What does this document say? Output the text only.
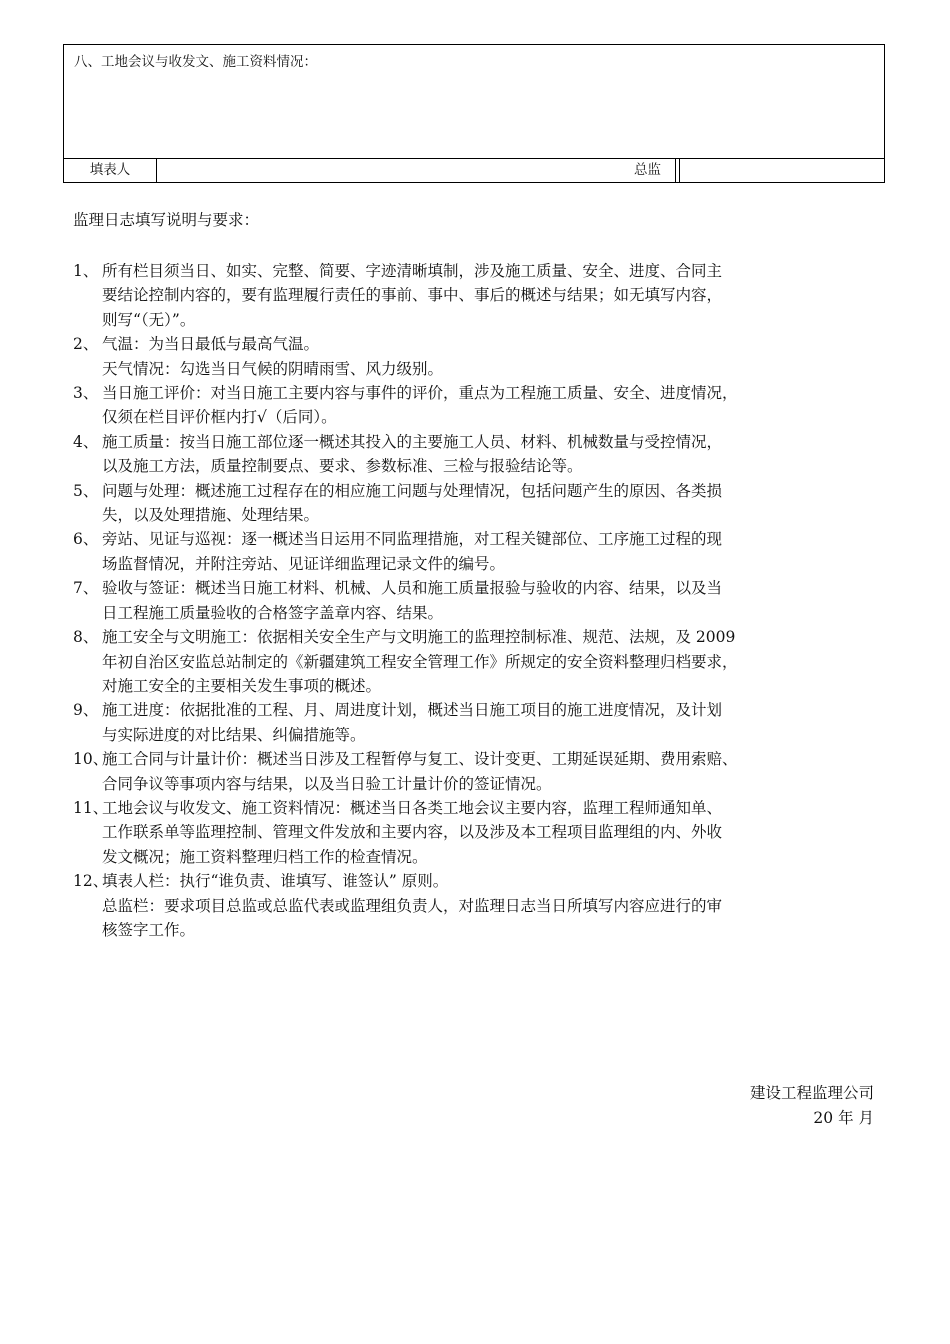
八、工地会议与收发文、施工资料情况：
填表人	总监
监理日志填写说明与要求：
1、 所有栏目须当日、如实、完整、简要、字迹清晰填制，涉及施工质量、安全、进度、合同主
要结论控制内容的，要有监理履行责任的事前、事中、事后的概述与结果；如无填写内容，
则写“（无）”。
2、 气温：为当日最低与最高气温。
天气情况：勾选当日气候的阴晴雨雪、风力级别。
3、 当日施工评价：对当日施工主要内容与事件的评价，重点为工程施工质量、安全、进度情况，
仅须在栏目评价框内打√（后同）。
4、 施工质量：按当日施工部位逐一概述其投入的主要施工人员、材料、机械数量与受控情况，
以及施工方法，质量控制要点、要求、参数标准、三检与报验结论等。
5、 问题与处理：概述施工过程存在的相应施工问题与处理情况，包括问题产生的原因、各类损
失，以及处理措施、处理结果。
6、 旁站、见证与巡视：逐一概述当日运用不同监理措施，对工程关键部位、工序施工过程的现
场监督情况，并附注旁站、见证详细监理记录文件的编号。
7、 验收与签证：概述当日施工材料、机械、人员和施工质量报验与验收的内容、结果，以及当
日工程施工质量验收的合格签字盖章内容、结果。
8、 施工安全与文明施工：依据相关安全生产与文明施工的监理控制标准、规范、法规，及 2009
年初自治区安监总站制定的《新疆建筑工程安全管理工作》所规定的安全资料整理归档要求，
对施工安全的主要相关发生事项的概述。
9、 施工进度：依据批准的工程、月、周进度计划，概述当日施工项目的施工进度情况，及计划
与实际进度的对比结果、纠偏措施等。
10、
施工合同与计量计价：概述当日涉及工程暂停与复工、设计变更、工期延误延期、费用索赔、
合同争议等事项内容与结果，以及当日验工计量计价的签证情况。
11、
工地会议与收发文、施工资料情况：概述当日各类工地会议主要内容，监理工程师通知单、
工作联系单等监理控制、管理文件发放和主要内容，以及涉及本工程项目监理组的内、外收
发文概况；施工资料整理归档工作的检查情况。
12、
填表人栏：执行“谁负责、谁填写、谁签认” 原则。
总监栏：要求项目总监或总监代表或监理组负责人，对监理日志当日所填写内容应进行的审
核签字工作。
建设工程监理公司
20 年 月
